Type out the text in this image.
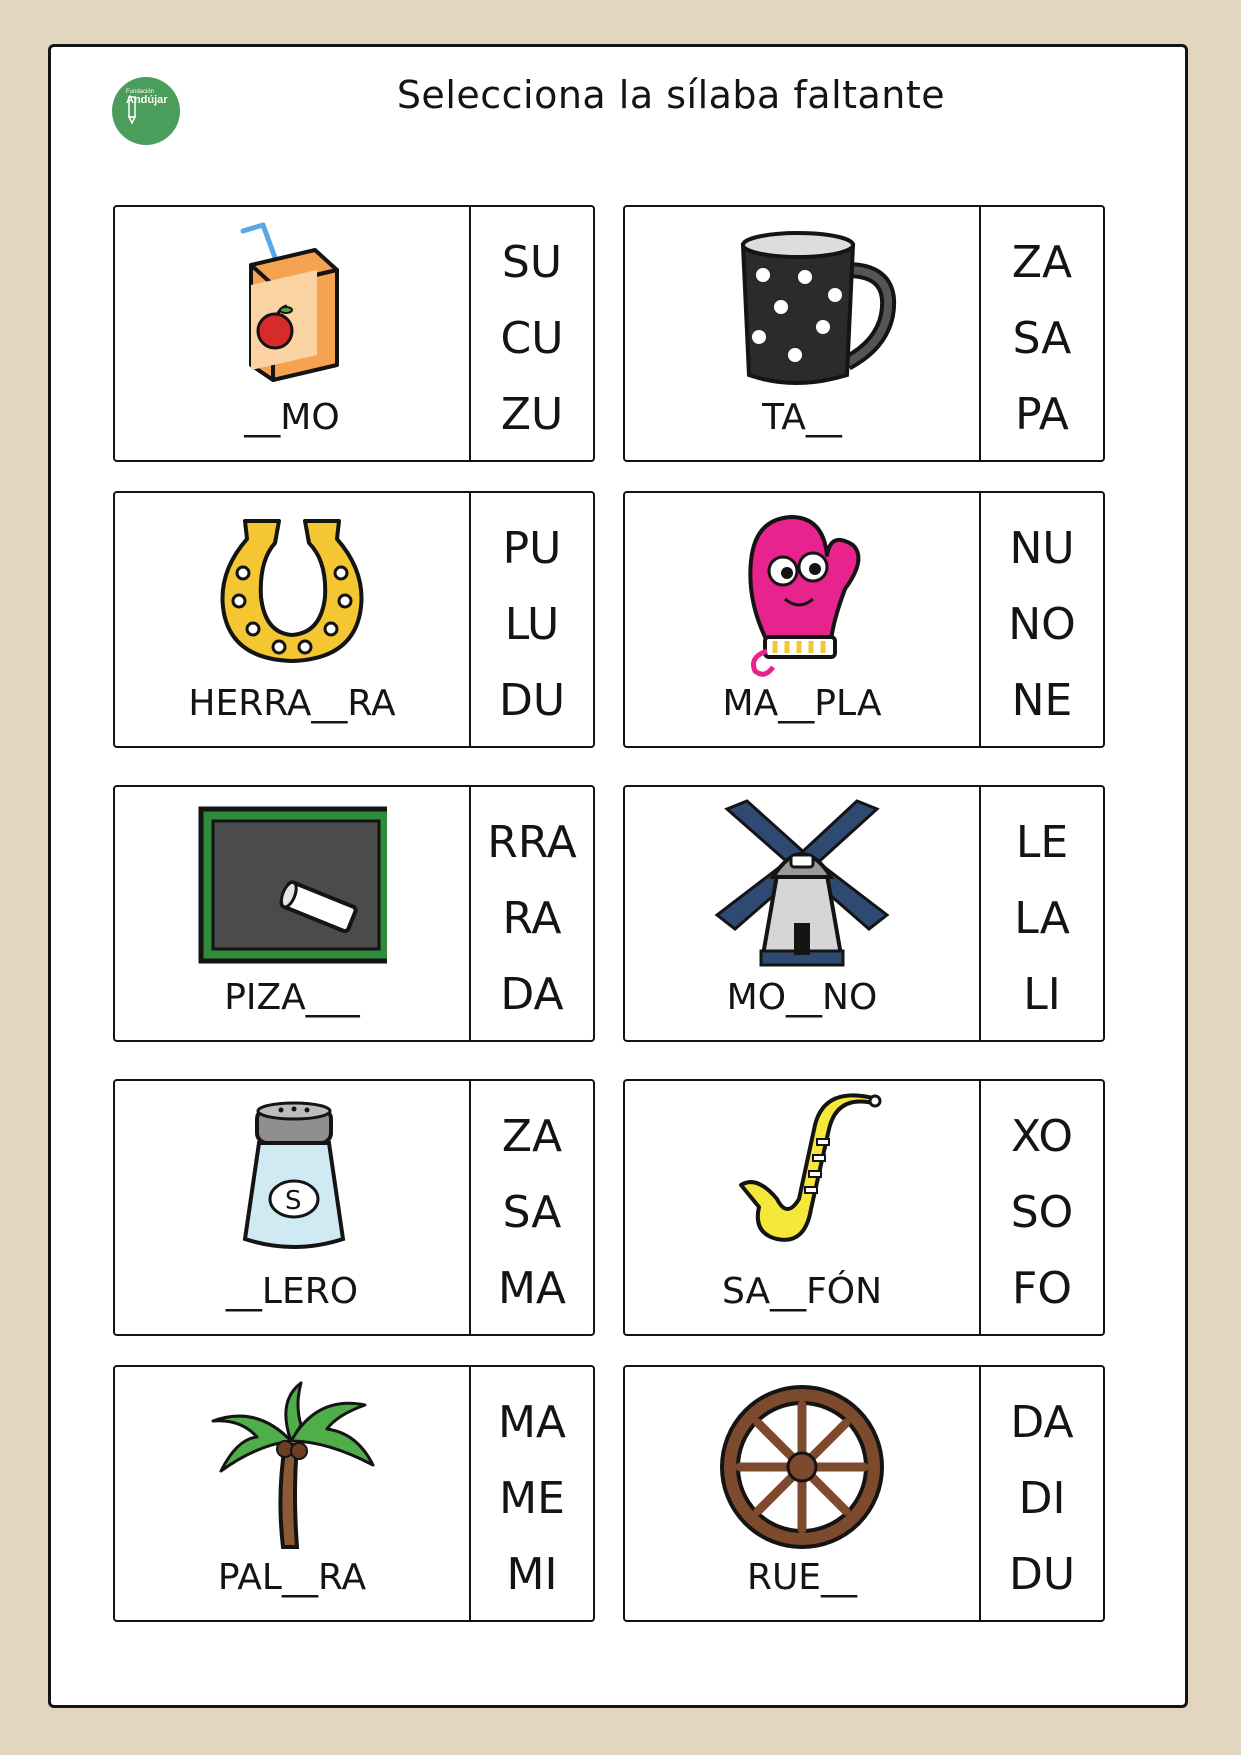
Fundación
Andújar	Selecciona la sílaba faltante
__MO
SU
CU
ZU	TA__
ZA
SA
PA
HERRA__RA
PU
LU
DU	MA__PLA
NU
NO
NE
PIZA___
RRA
RA
DA	MO__NO
LE
LA
LI
S
__LERO
ZA
SA
MA	SA__FÓN
XO
SO
FO
PAL__RA
MA
ME
MI	RUE__
DA
DI
DU
